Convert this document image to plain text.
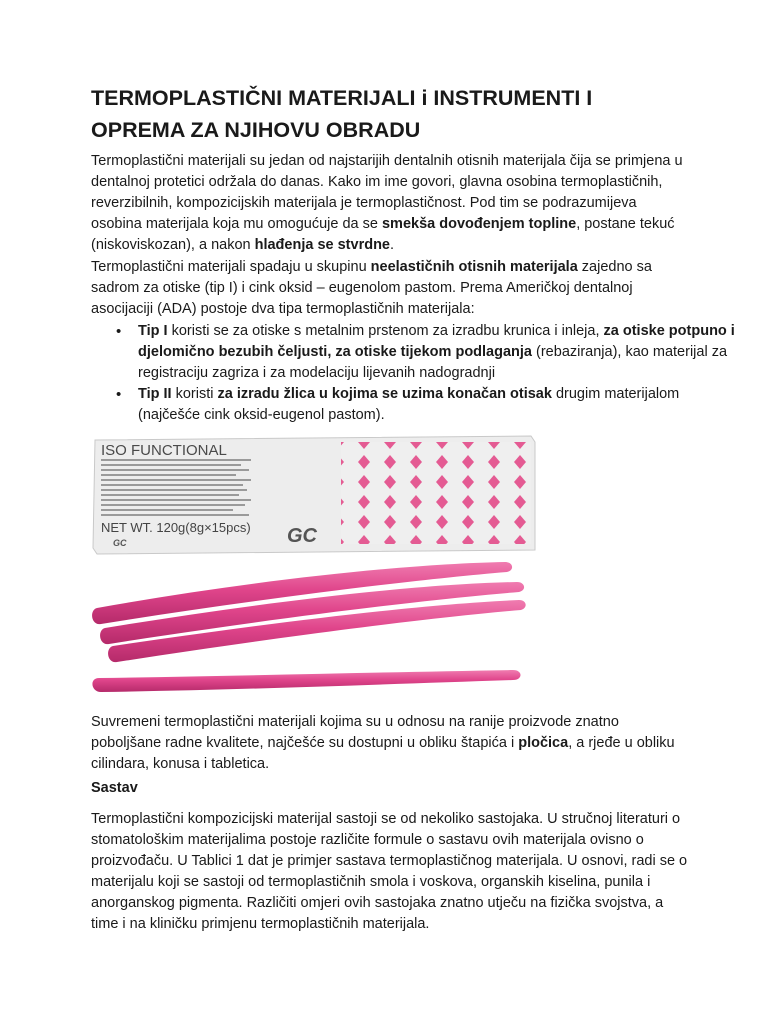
TERMOPLASTIČNI MATERIJALI i INSTRUMENTI I OPREMA ZA NJIHOVU OBRADU

Termoplastični materijali su jedan od najstarijih dentalnih otisnih materijala čija se primjena u dentalnoj protetici održala do danas. Kako im ime govori, glavna osobina termoplastičnih, reverzibilnih, kompozicijskih materijala je termoplastičnost. Pod tim se podrazumijeva osobina materijala koja mu omogućuje da se smekša dovođenjem topline, postane tekuć (niskoviskozan), a nakon hlađenja se stvrdne.

Termoplastični materijali spadaju u skupinu neelastičnih otisnih materijala zajedno sa sadrom za otiske (tip I) i cink oksid – eugenolom pastom. Prema Američkoj dentalnoj asocijaciji (ADA) postoje dva tipa termoplastičnih materijala:

• Tip I koristi se za otiske s metalnim prstenom za izradbu krunica i inleja, za otiske potpuno i djelomično bezubih čeljusti, za otiske tijekom podlaganja (rebaziranja), kao materijal za registraciju zagriza i za modelaciju lijevanih nadogradnji
• Tip II koristi za izradu žlica u kojima se uzima konačan otisak drugim materijalom (najčešće cink oksid-eugenol pastom).
ISO FUNCTIONAL
NET WT. 120g(8g×15pcs)
GC	GC

Suvremeni termoplastični materijali kojima su u odnosu na ranije proizvode znatno poboljšane radne kvalitete, najčešće su dostupni u obliku štapića i pločica, a rjeđe u obliku cilindara, konusa i tabletica.

Sastav

Termoplastični kompozicijski materijal sastoji se od nekoliko sastojaka. U stručnoj literaturi o stomatološkim materijalima postoje različite formule o sastavu ovih materijala ovisno o proizvođaču. U Tablici 1 dat je primjer sastava termoplastičnog materijala. U osnovi, radi se o materijalu koji se sastoji od termoplastičnih smola i voskova, organskih kiselina, punila i anorganskog pigmenta. Različiti omjeri ovih sastojaka znatno utječu na fizička svojstva, a time i na kliničku primjenu termoplastičnih materijala.
